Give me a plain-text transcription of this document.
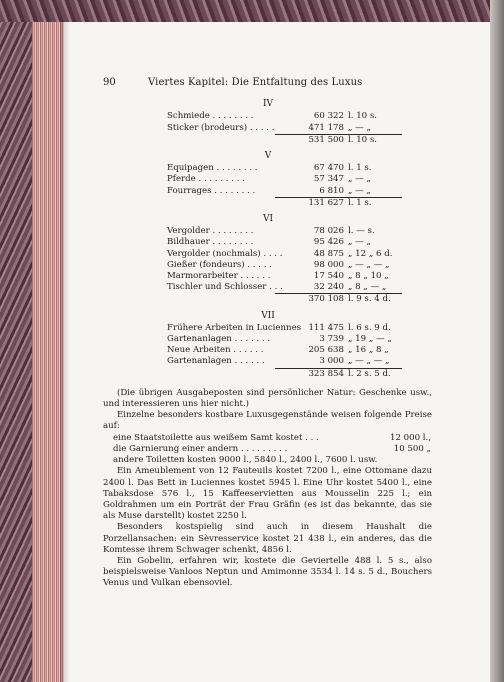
90	Viertes Kapitel: Die Entfaltung des Luxus
IV
Schmiede . . . . . . . .	60 322 l. 10 s.
Sticker (brodeurs) . . . . .	471 178 „ — „
531 500 l. 10 s.
V
Equipagen . . . . . . . .	67 470 l. 1 s.
Pferde . . . . . . . . .	57 347 „ — „
Fourrages . . . . . . . .	6 810 „ — „
131 627 l. 1 s.
VI
Vergolder . . . . . . . .	78 026 l. — s.
Bildhauer . . . . . . . .	95 426 „ — „
Vergolder (nochmals) . . . .	48 875 „ 12 „ 6 d.
Gießer (fondeurs) . . . . .	98 000 „ — „ — „
Marmorarbeiter . . . . . .	17 540 „ 8 „ 10 „
Tischler und Schlosser . . .	32 240 „ 8 „ — „
370 108 l. 9 s. 4 d.
VII
Frühere Arbeiten in Luciennes 111 475 l. 6 s. 9 d.
Gartenanlagen . . . . . . .	3 739 „ 19 „ — „
Neue Arbeiten . . . . . .	205 638 „ 16 „ 8 „
Gartenanlagen . . . . . .	3 000 „ — „ — „
323 854 l. 2 s. 5 d.
(Die übrigen Ausgabeposten sind persönlicher Natur: Geschenke usw., und interessieren uns hier nicht.)
Einzelne besonders kostbare Luxusgegenstände weisen folgende Preise auf:
eine Staatstoilette aus weißem Samt kostet . . .	12 000 l.,
die Garnierung einer andern . . . . . . . . .	10 500 „
andere Toiletten kosten 9000 l., 5840 l., 2400 l., 7600 l. usw.
Ein Ameublement von 12 Fauteuils kostet 7200 l., eine Ottomane dazu 2400 l. Das Bett in Luciennes kostet 5945 l. Eine Uhr kostet 5400 l., eine Tabaksdose 576 l., 15 Kaffeeservietten aus Mousselin 225 l.; ein Goldrahmen um ein Porträt der Frau Gräfin (es ist das bekannte, das sie als Muse darstellt) kostet 2250 l.
Besonders kostspielig sind auch in diesem Haushalt die Porzellansachen: ein Sèvresservice kostet 21 438 l., ein anderes, das die Komtesse ihrem Schwager schenkt, 4856 l.
Ein Gobelin, erfahren wir, kostete die Geviertelle 488 l. 5 s., also beispielsweise Vanloos Neptun und Amimonne 3534 l. 14 s. 5 d., Bouchers Venus und Vulkan ebensoviel.
